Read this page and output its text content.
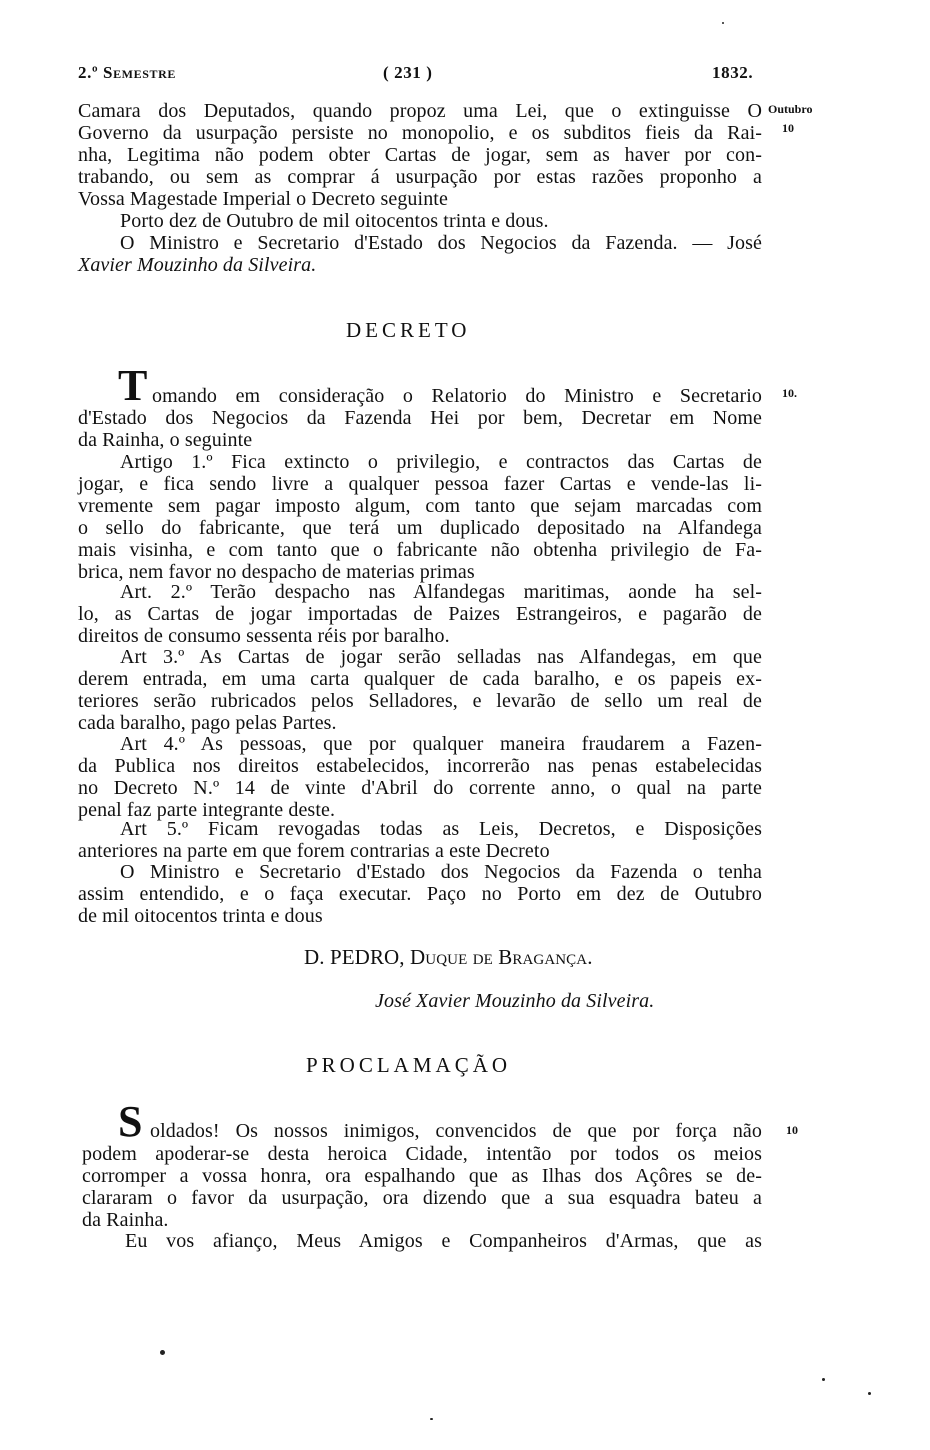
2.º Semestre	( 231 )	1832.
Outubro
10
10.
10
Camara dos Deputados, quando propoz uma Lei, que o extinguisse O
Governo da usurpação persiste no monopolio, e os subditos fieis da Rai-
nha, Legitima não podem obter Cartas de jogar, sem as haver por con-
trabando, ou sem as comprar á usurpação por estas razões proponho a
Vossa Magestade Imperial o Decreto seguinte
Porto dez de Outubro de mil oitocentos trinta e dous.
O Ministro e Secretario d'Estado dos Negocios da Fazenda. — José
Xavier Mouzinho da Silveira.
DECRETO
T omando em consideração o Relatorio do Ministro e Secretario
d'Estado dos Negocios da Fazenda Hei por bem, Decretar em Nome
da Rainha, o seguinte
Artigo 1.º Fica extincto o privilegio, e contractos das Cartas de
jogar, e fica sendo livre a qualquer pessoa fazer Cartas e vende-las li-
vremente sem pagar imposto algum, com tanto que sejam marcadas com
o sello do fabricante, que terá um duplicado depositado na Alfandega
mais visinha, e com tanto que o fabricante não obtenha privilegio de Fa-
brica, nem favor no despacho de materias primas
Art. 2.º Terão despacho nas Alfandegas maritimas, aonde ha sel-
lo, as Cartas de jogar importadas de Paizes Estrangeiros, e pagarão de
direitos de consumo sessenta réis por baralho.
Art 3.º As Cartas de jogar serão selladas nas Alfandegas, em que
derem entrada, em uma carta qualquer de cada baralho, e os papeis ex-
teriores serão rubricados pelos Selladores, e levarão de sello um real de
cada baralho, pago pelas Partes.
Art 4.º As pessoas, que por qualquer maneira fraudarem a Fazen-
da Publica nos direitos estabelecidos, incorrerão nas penas estabelecidas
no Decreto N.º 14 de vinte d'Abril do corrente anno, o qual na parte
penal faz parte integrante deste.
Art 5.º Ficam revogadas todas as Leis, Decretos, e Disposições
anteriores na parte em que forem contrarias a este Decreto
O Ministro e Secretario d'Estado dos Negocios da Fazenda o tenha
assim entendido, e o faça executar. Paço no Porto em dez de Outubro
de mil oitocentos trinta e dous
D. PEDRO, Duque de Bragança.
José Xavier Mouzinho da Silveira.
PROCLAMAÇÃO
S oldados! Os nossos inimigos, convencidos de que por força não
podem apoderar-se desta heroica Cidade, intentão por todos os meios
corromper a vossa honra, ora espalhando que as Ilhas dos Açôres se de-
clararam o favor da usurpação, ora dizendo que a sua esquadra bateu a
da Rainha.
Eu vos afianço, Meus Amigos e Companheiros d'Armas, que as
